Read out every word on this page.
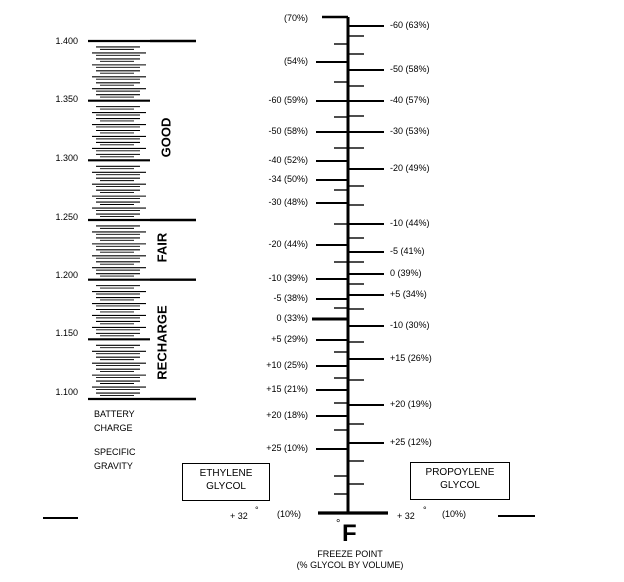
1.400
1.350
1.300
1.250
1.200
1.150
1.100
GOOD
FAIR
RECHARGE
BATTERY
CHARGE
SPECIFIC
GRAVITY
(70%)
(54%)
-60 (59%)
-50 (58%)
-40 (52%)
-34 (50%)
-30 (48%)
-20 (44%)
-10 (39%)
-5 (38%)
0 (33%)
+5 (29%)
+10 (25%)
+15 (21%)
+20 (18%)
+25 (10%)
-60 (63%)
-50 (58%)
-40 (57%)
-30 (53%)
-20 (49%)
-10 (44%)
-5 (41%)
0 (39%)
+5 (34%)
-10 (30%)
+15 (26%)
+20 (19%)
+25 (12%)
ETHYLENE
GLYCOL
PROPOYLENE
GLYCOL
+ 32
° (10%)	+ 32
° (10%)
° F
FREEZE POINT
(% GLYCOL BY VOLUME)
